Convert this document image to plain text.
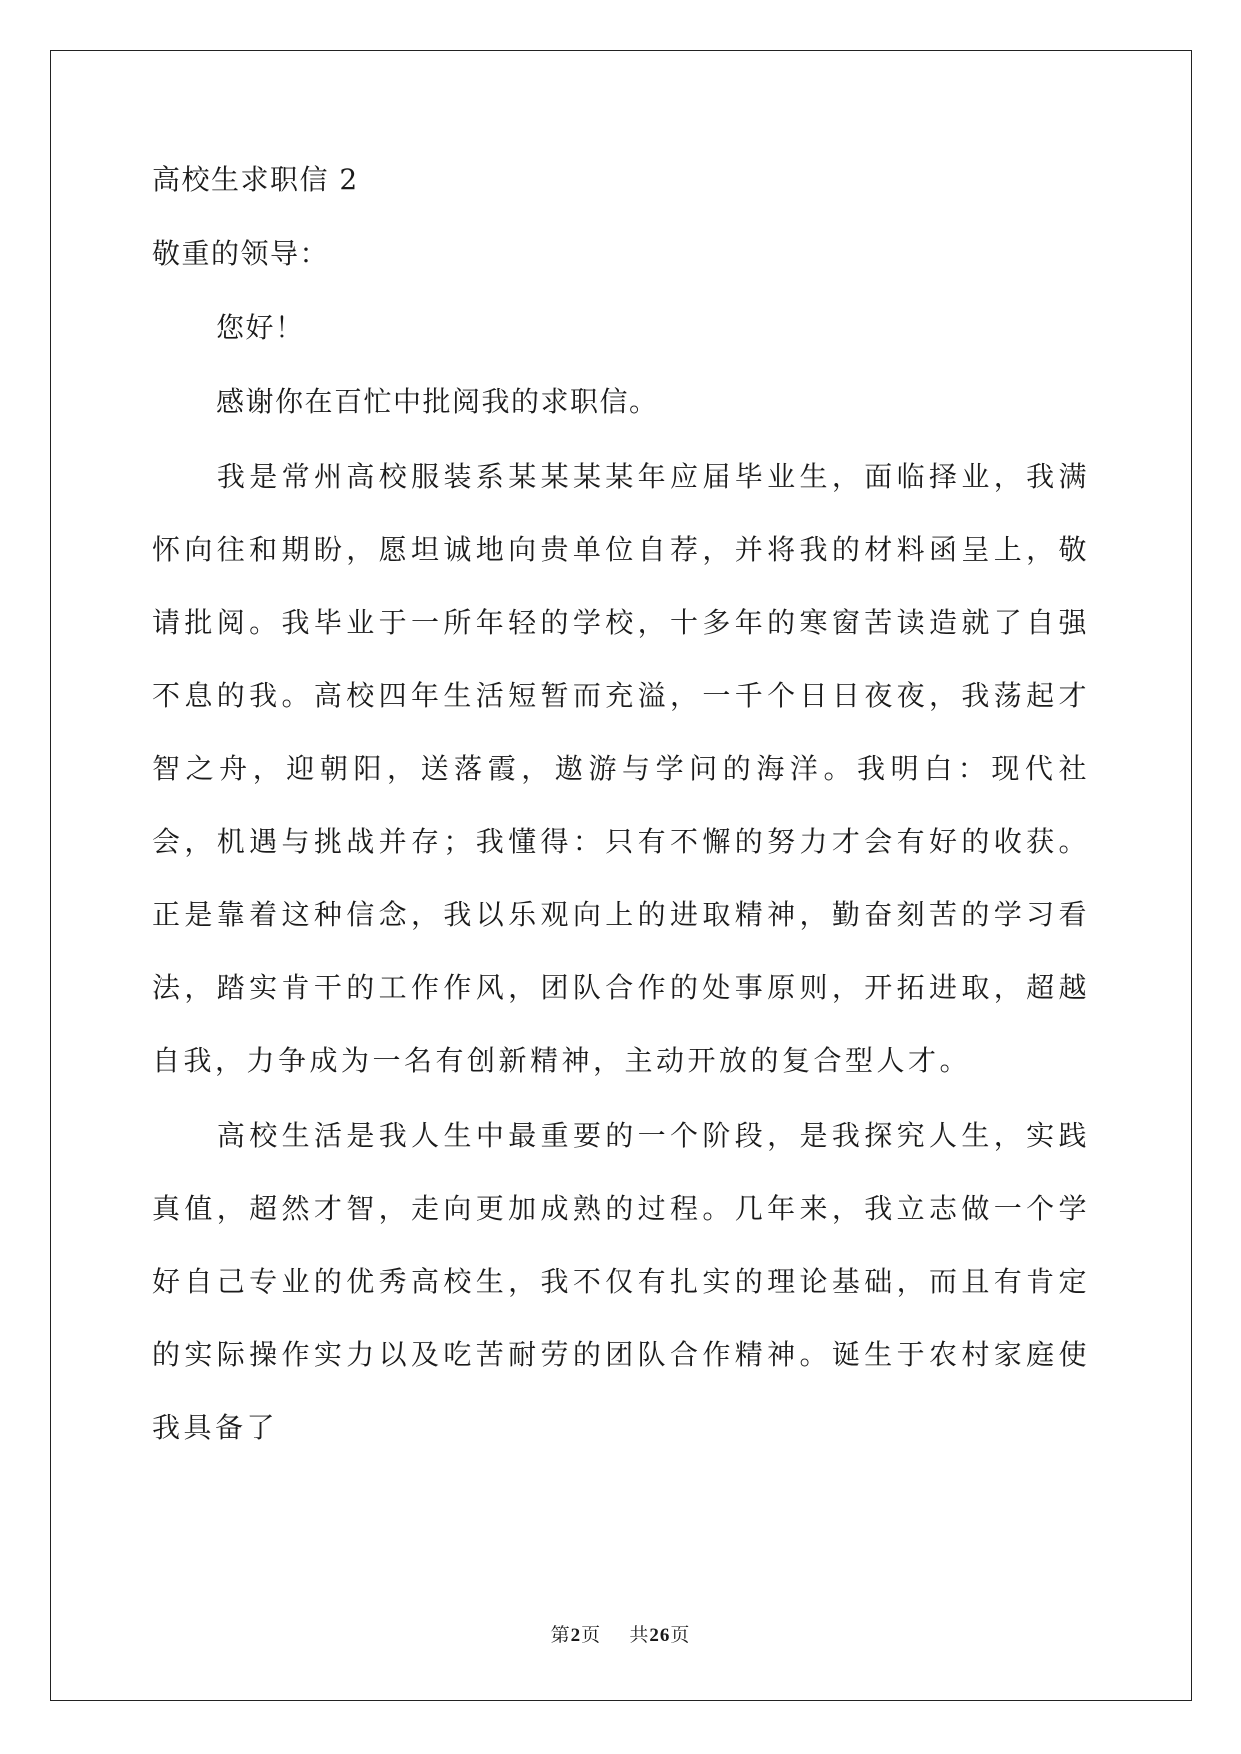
高校生求职信 2
敬重的领导：
您好！
感谢你在百忙中批阅我的求职信。
我是常州高校服装系某某某某年应届毕业生，面临择业，我满怀向往和期盼，愿坦诚地向贵单位自荐，并将我的材料函呈上，敬请批阅。我毕业于一所年轻的学校，十多年的寒窗苦读造就了自强不息的我。高校四年生活短暂而充溢，一千个日日夜夜，我荡起才智之舟，迎朝阳，送落霞，遨游与学问的海洋。我明白：现代社会，机遇与挑战并存；我懂得：只有不懈的努力才会有好的收获。正是靠着这种信念，我以乐观向上的进取精神，勤奋刻苦的学习看法，踏实肯干的工作作风，团队合作的处事原则，开拓进取，超越自我，力争成为一名有创新精神，主动开放的复合型人才。
高校生活是我人生中最重要的一个阶段，是我探究人生，实践真值，超然才智，走向更加成熟的过程。几年来，我立志做一个学好自己专业的优秀高校生，我不仅有扎实的理论基础，而且有肯定的实际操作实力以及吃苦耐劳的团队合作精神。诞生于农村家庭使我具备了
第2页 共26页
